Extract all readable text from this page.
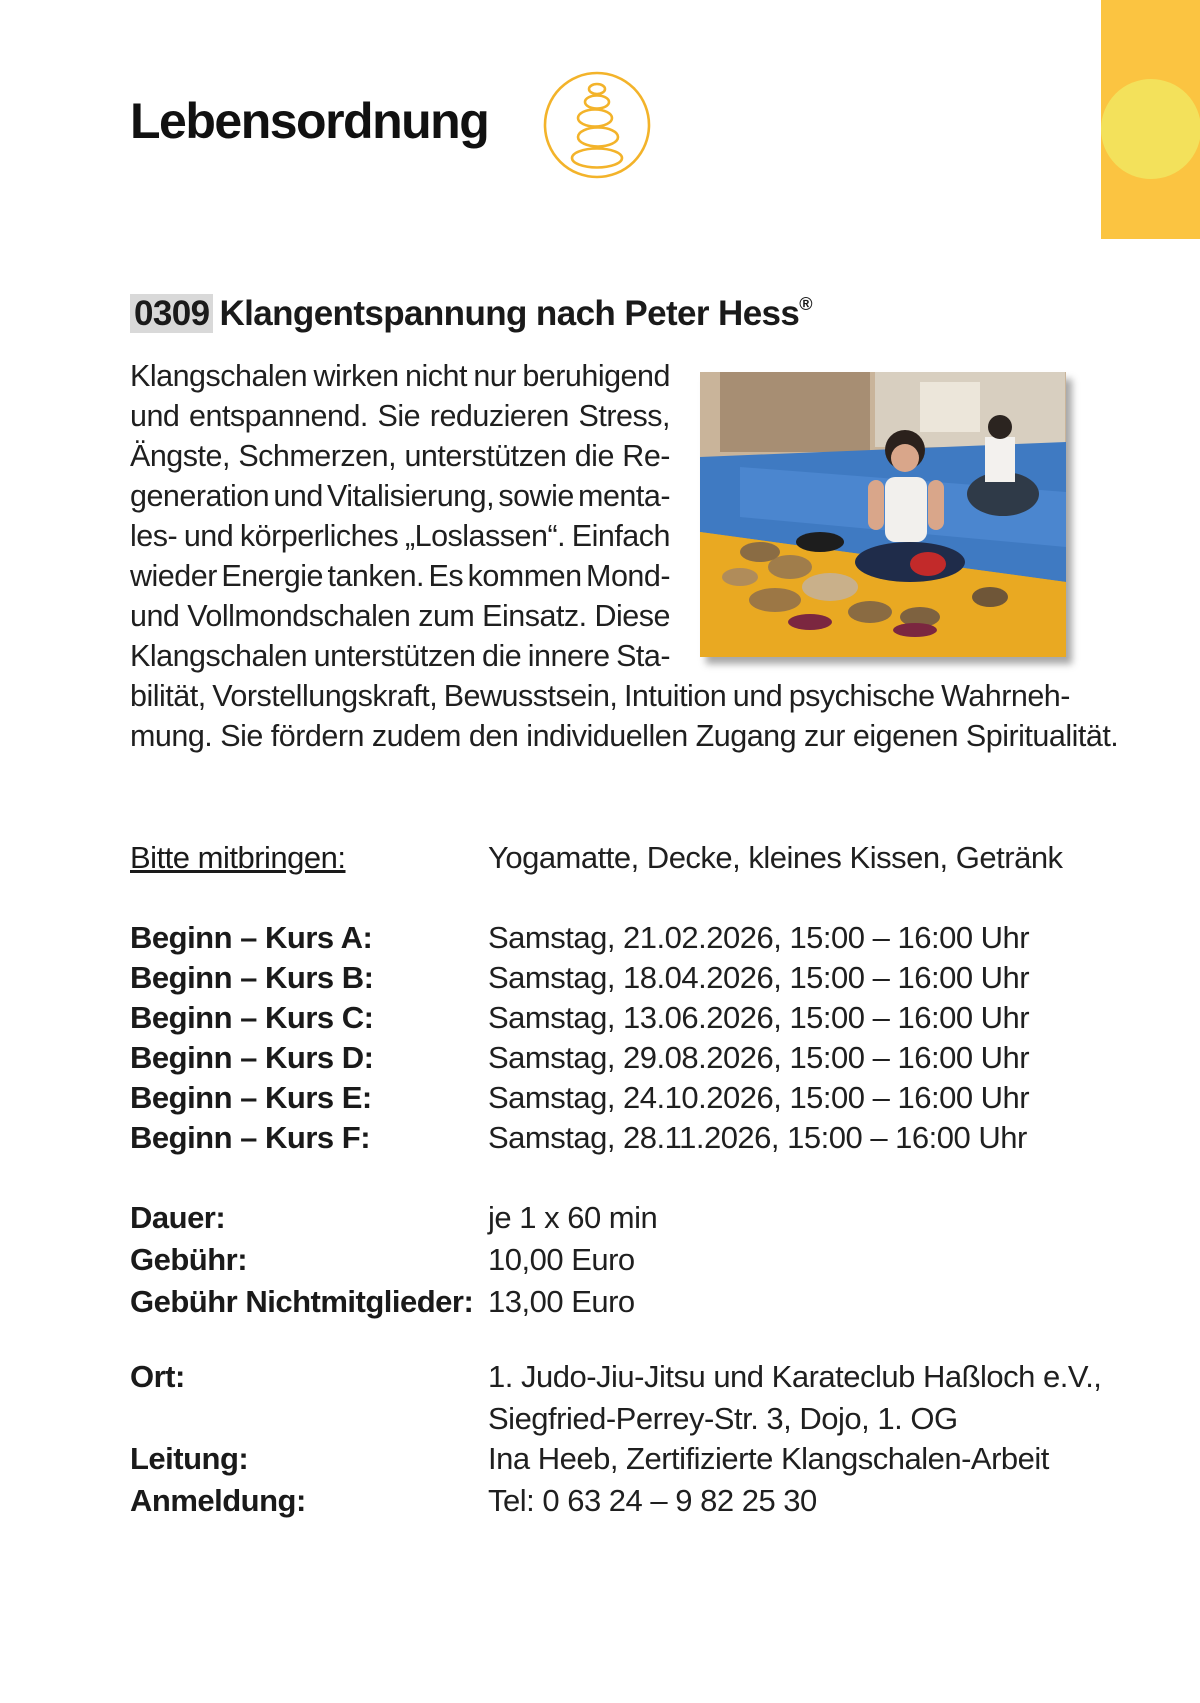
Lebensordnung
0309 Klangentspannung nach Peter Hess®
Klangschalen wirken nicht nur beruhigend
und entspannend. Sie reduzieren Stress,
Ängste, Schmerzen, unterstützen die Re-
generation und Vitalisierung, sowie menta-
les- und körperliches „Loslassen“. Einfach
wieder Energie tanken. Es kommen Mond-
und Vollmondschalen zum Einsatz. Diese
Klangschalen unterstützen die innere Sta-
bilität, Vorstellungskraft, Bewusstsein, Intuition und psychische Wahrneh-
mung. Sie fördern zudem den individuellen Zugang zur eigenen Spiritualität.
Bitte mitbringen:	Yogamatte, Decke, kleines Kissen, Getränk
Beginn – Kurs A:	Samstag, 21.02.2026, 15:00 – 16:00 Uhr
Beginn – Kurs B:	Samstag, 18.04.2026, 15:00 – 16:00 Uhr
Beginn – Kurs C:	Samstag, 13.06.2026, 15:00 – 16:00 Uhr
Beginn – Kurs D:	Samstag, 29.08.2026, 15:00 – 16:00 Uhr
Beginn – Kurs E:	Samstag, 24.10.2026, 15:00 – 16:00 Uhr
Beginn – Kurs F:	Samstag, 28.11.2026, 15:00 – 16:00 Uhr
Dauer:	je 1 x 60 min
Gebühr:	10,00 Euro
Gebühr Nichtmitglieder: 13,00 Euro
Ort:	1. Judo-Jiu-Jitsu und Karateclub Haßloch e.V.,
Siegfried-Perrey-Str. 3, Dojo, 1. OG
Leitung:	Ina Heeb, Zertifizierte Klangschalen-Arbeit
Anmeldung:	Tel: 0 63 24 – 9 82 25 30
